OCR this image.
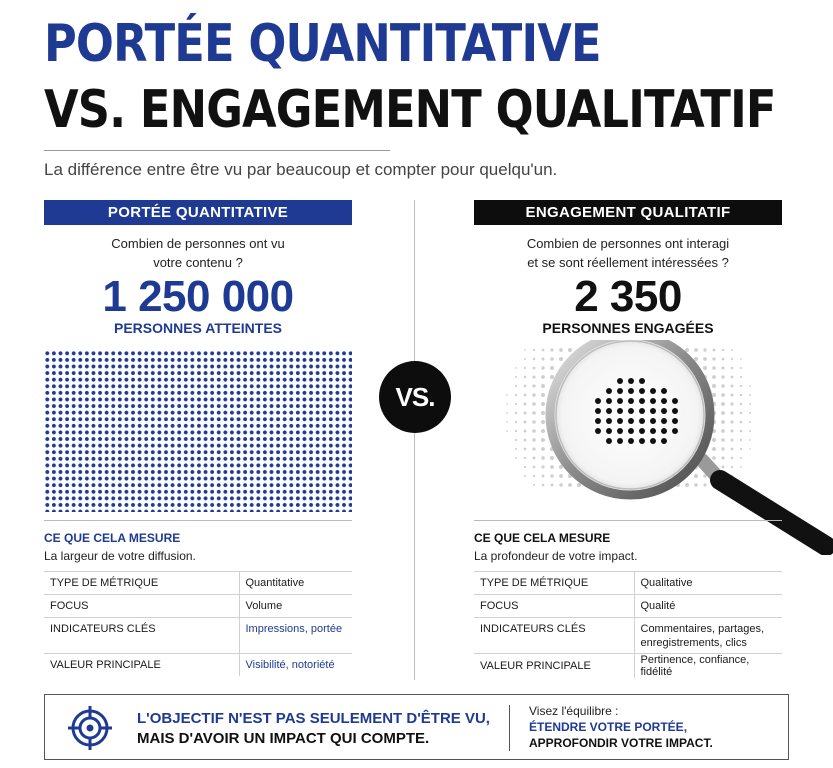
PORTÉE QUANTITATIVE
VS. ENGAGEMENT QUALITATIF
La différence entre être vu par beaucoup et compter pour quelqu'un.
PORTÉE QUANTITATIVE
Combien de personnes ont vu
votre contenu ?
1 250 000
PERSONNES ATTEINTES
VS.
ENGAGEMENT QUALITATIF
Combien de personnes ont interagi
et se sont réellement intéressées ?
2 350
PERSONNES ENGAGÉES
CE QUE CELA MESURE
La largeur de votre diffusion.
TYPE DE MÉTRIQUE	Quantitative
FOCUS	Volume
INDICATEURS CLÉS	Impressions, portée
VALEUR PRINCIPALE	Visibilité, notoriété
CE QUE CELA MESURE
La profondeur de votre impact.
TYPE DE MÉTRIQUE	Qualitative
FOCUS	Qualité
INDICATEURS CLÉS	Commentaires, partages,
enregistrements, clics
VALEUR PRINCIPALE	Pertinence, confiance, fidélité
L'OBJECTIF N'EST PAS SEULEMENT D'ÊTRE VU,
MAIS D'AVOIR UN IMPACT QUI COMPTE.
Visez l'équilibre :
ÉTENDRE VOTRE PORTÉE,
APPROFONDIR VOTRE IMPACT.
